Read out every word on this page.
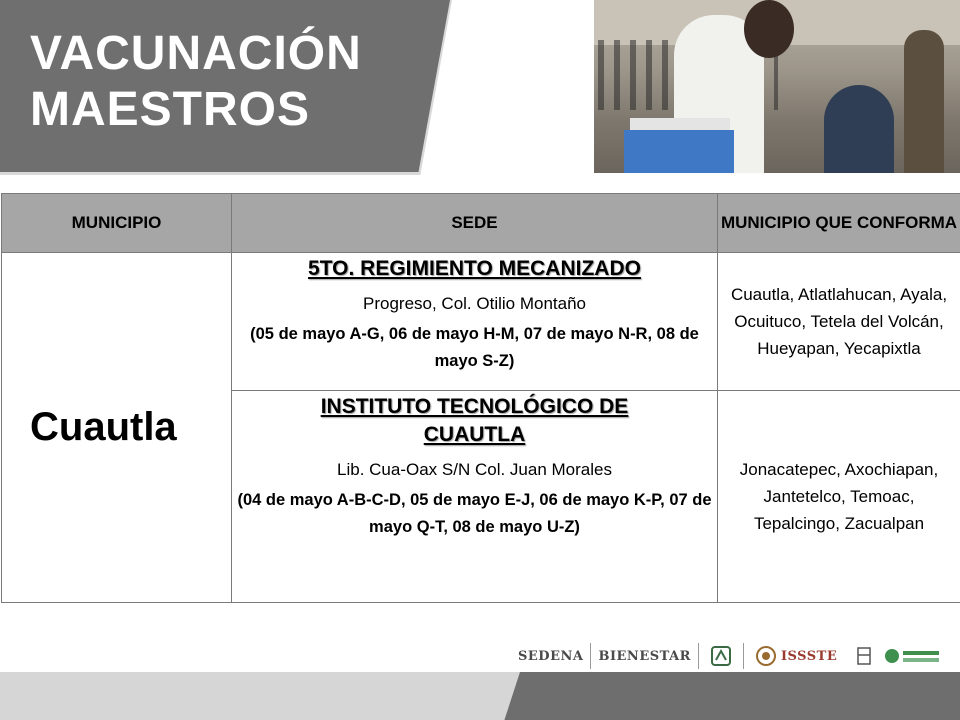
VACUNACIÓN
MAESTROS
MUNICIPIO	SEDE	MUNICIPIO QUE CONFORMA
Cuautla	5TO. REGIMIENTO MECANIZADO
Progreso, Col. Otilio Montaño
(05 de mayo A-G, 06 de mayo H-M, 07 de mayo N-R, 08 de mayo S-Z)	Cuautla, Atlatlahucan, Ayala, Ocuituco, Tetela del Volcán, Hueyapan, Yecapixtla

	INSTITUTO TECNOLÓGICO DE CUAUTLA
Lib. Cua-Oax S/N Col. Juan Morales
(04 de mayo A-B-C-D, 05 de mayo E-J, 06 de mayo K-P, 07 de mayo Q-T, 08 de mayo U-Z)	Jonacatepec, Axochiapan, Jantetelco, Temoac, Tepalcingo, Zacualpan
SEDENA BIENESTAR	ISSSTE
